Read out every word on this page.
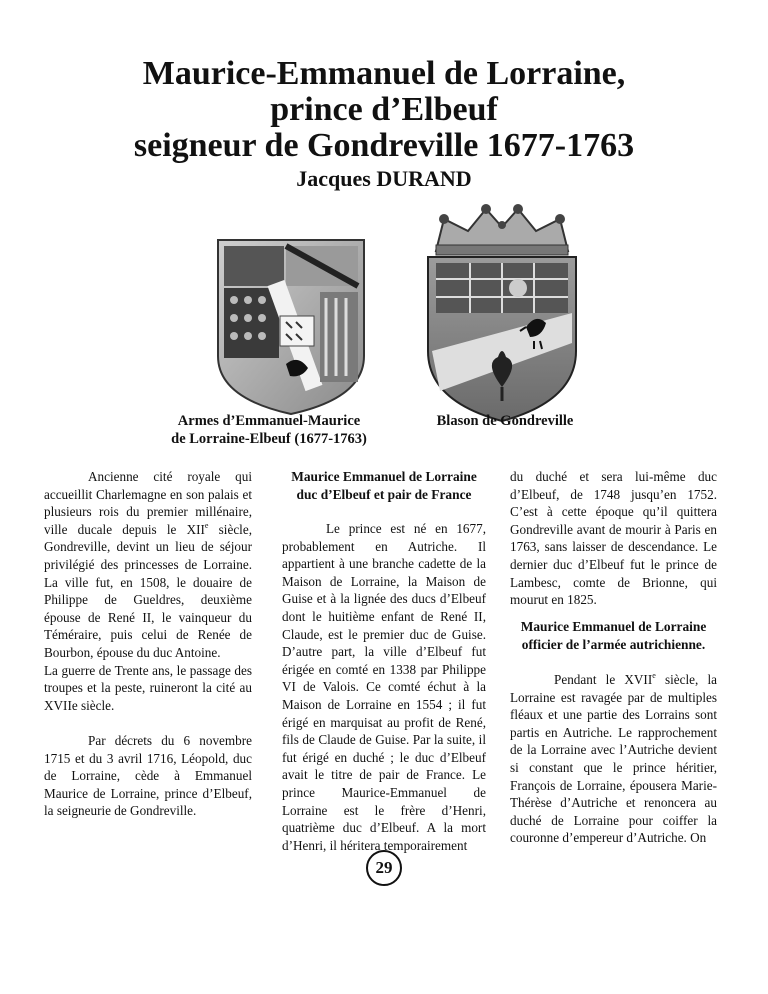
Maurice-Emmanuel de Lorraine,
prince d’Elbeuf
seigneur de Gondreville 1677-1763
Jacques DURAND
Armes d’Emmanuel-Maurice
de Lorraine-Elbeuf (1677-1763)
Blason de Gondreville

Ancienne cité royale qui accueillit Charlemagne en son palais et plusieurs rois du premier millénaire, ville ducale depuis le XIIe siècle, Gondreville, devint un lieu de séjour privilégié des princesses de Lorraine. La ville fut, en 1508, le douaire de Philippe de Gueldres, deuxième épouse de René II, le vainqueur du Téméraire, puis celui de Renée de Bourbon, épouse du duc Antoine.

La guerre de Trente ans, le passage des troupes et la peste, ruineront la cité au XVIIe siècle.

Par décrets du 6 novembre 1715 et du 3 avril 1716, Léopold, duc de Lorraine, cède à Emmanuel Maurice de Lorraine, prince d’Elbeuf, la seigneurie de Gondreville.

Maurice Emmanuel de Lorraine
duc d’Elbeuf et pair de France

Le prince est né en 1677, probablement en Autriche. Il appartient à une branche cadette de la Maison de Lorraine, la Maison de Guise et à la lignée des ducs d’Elbeuf dont le huitième enfant de René II, Claude, est le premier duc de Guise. D’autre part, la ville d’Elbeuf fut érigée en comté en 1338 par Philippe VI de Valois. Ce comté échut à la Maison de Lorraine en 1554 ; il fut érigé en marquisat au profit de René, fils de Claude de Guise. Par la suite, il fut érigé en duché ; le duc d’Elbeuf avait le titre de pair de France. Le prince Maurice-Emmanuel de Lorraine est le frère d’Henri, quatrième duc d’Elbeuf. A la mort d’Henri, il héritera temporairement

du duché et sera lui-même duc d’Elbeuf, de 1748 jusqu’en 1752. C’est à cette époque qu’il quittera Gondreville avant de mourir à Paris en 1763, sans laisser de descendance. Le dernier duc d’Elbeuf fut le prince de Lambesc, comte de Brionne, qui mourut en 1825.

Maurice Emmanuel de Lorraine
officier de l’armée autrichienne.

Pendant le XVIIe siècle, la Lorraine est ravagée par de multiples fléaux et une partie des Lorrains sont partis en Autriche. Le rapprochement de la Lorraine avec l’Autriche devient si constant que le prince héritier, François de Lorraine, épousera Marie-Thérèse d’Autriche et renoncera au duché de Lorraine pour coiffer la couronne d’empereur d’Autriche. On

29
